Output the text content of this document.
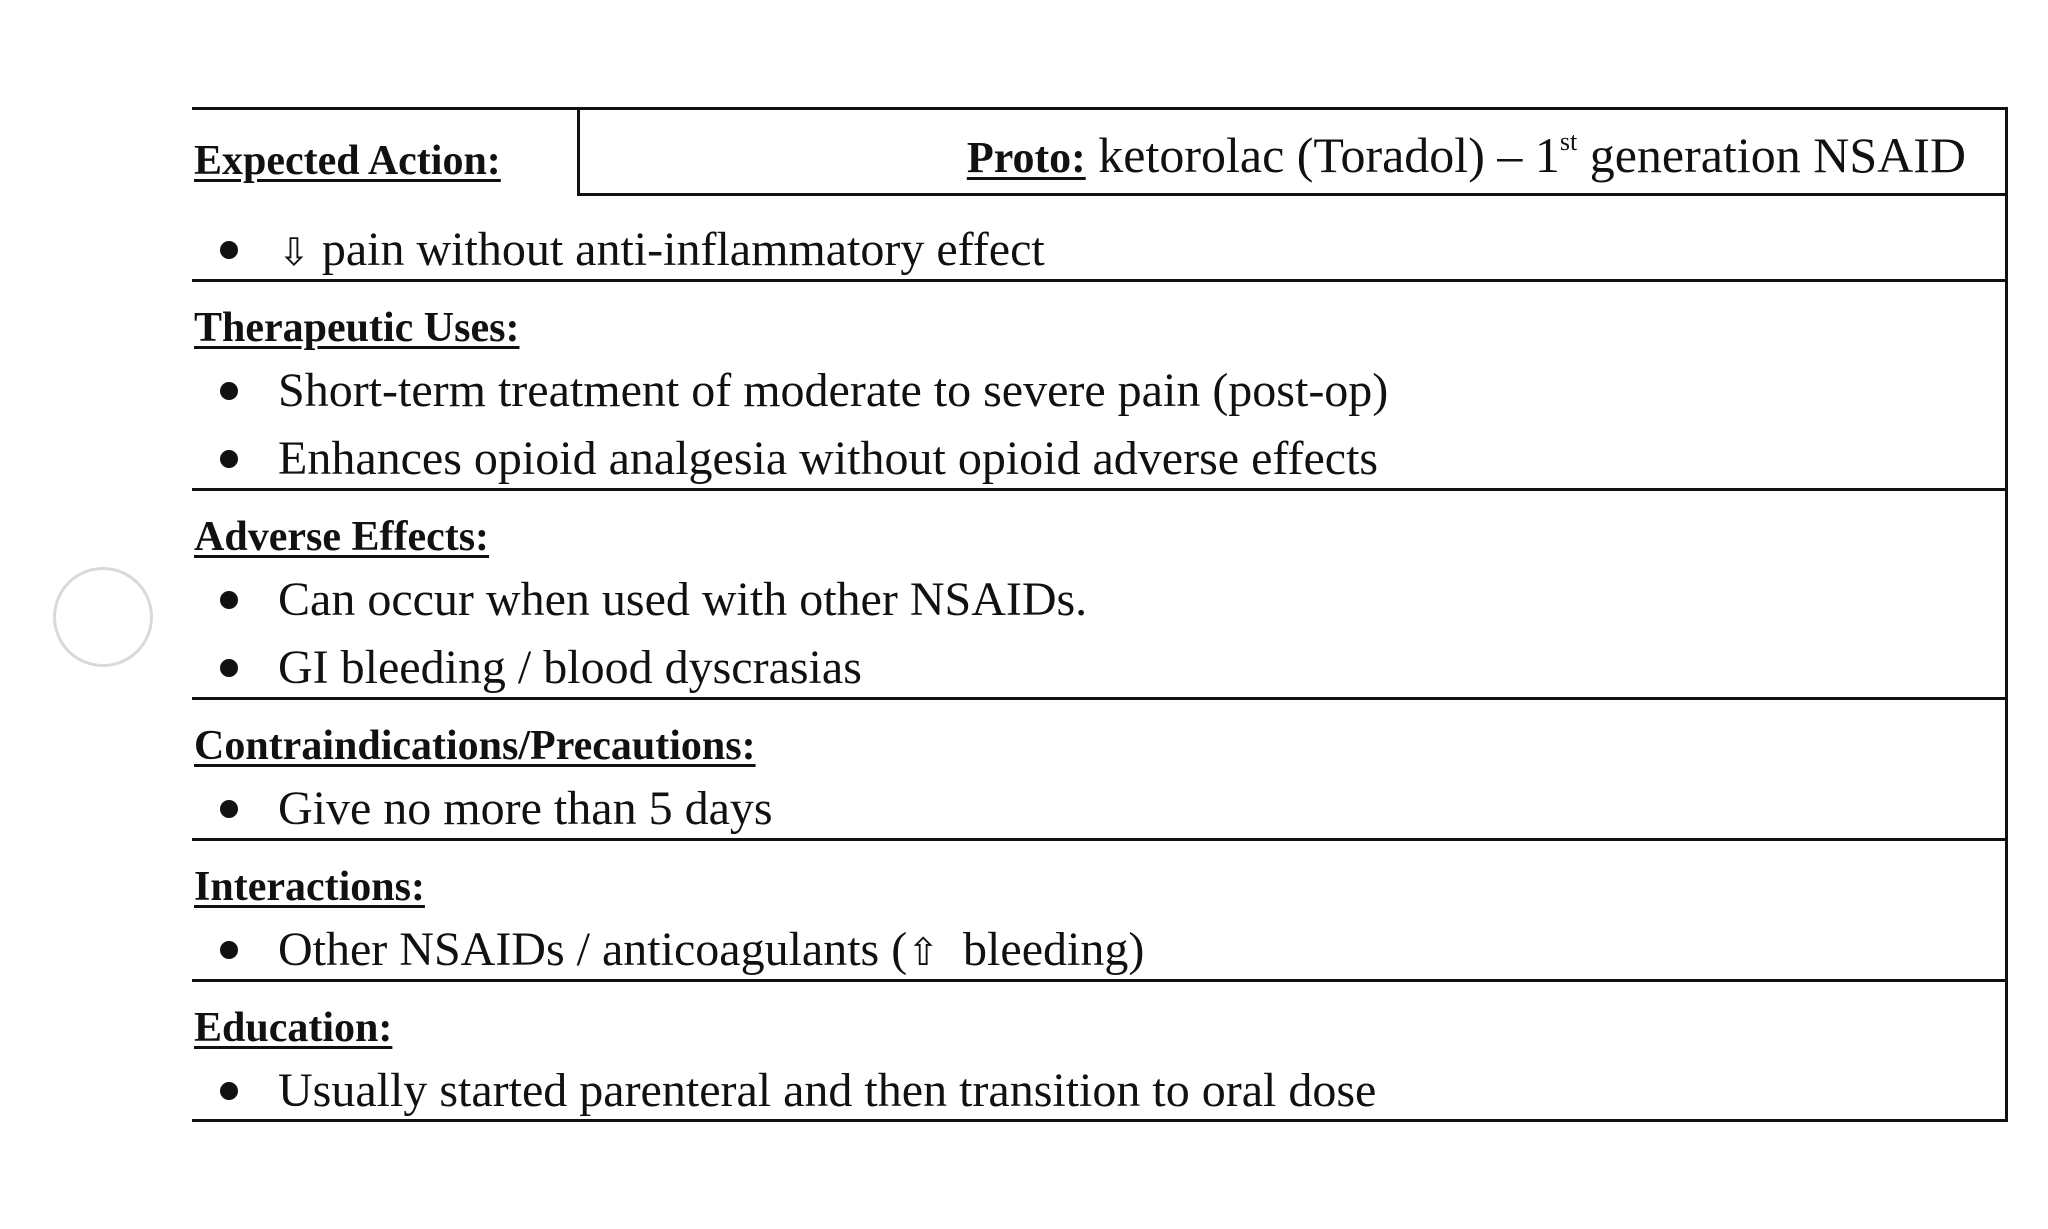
Expected Action:	Proto: ketorolac (Toradol) – 1st generation NSAID
⇩ pain without anti-inflammatory effect
Therapeutic Uses:
Short-term treatment of moderate to severe pain (post-op)
Enhances opioid analgesia without opioid adverse effects
Adverse Effects:
Can occur when used with other NSAIDs.
GI bleeding / blood dyscrasias
Contraindications/Precautions:
Give no more than 5 days
Interactions:
Other NSAIDs / anticoagulants (⇧  bleeding)
Education:
Usually started parenteral and then transition to oral dose
